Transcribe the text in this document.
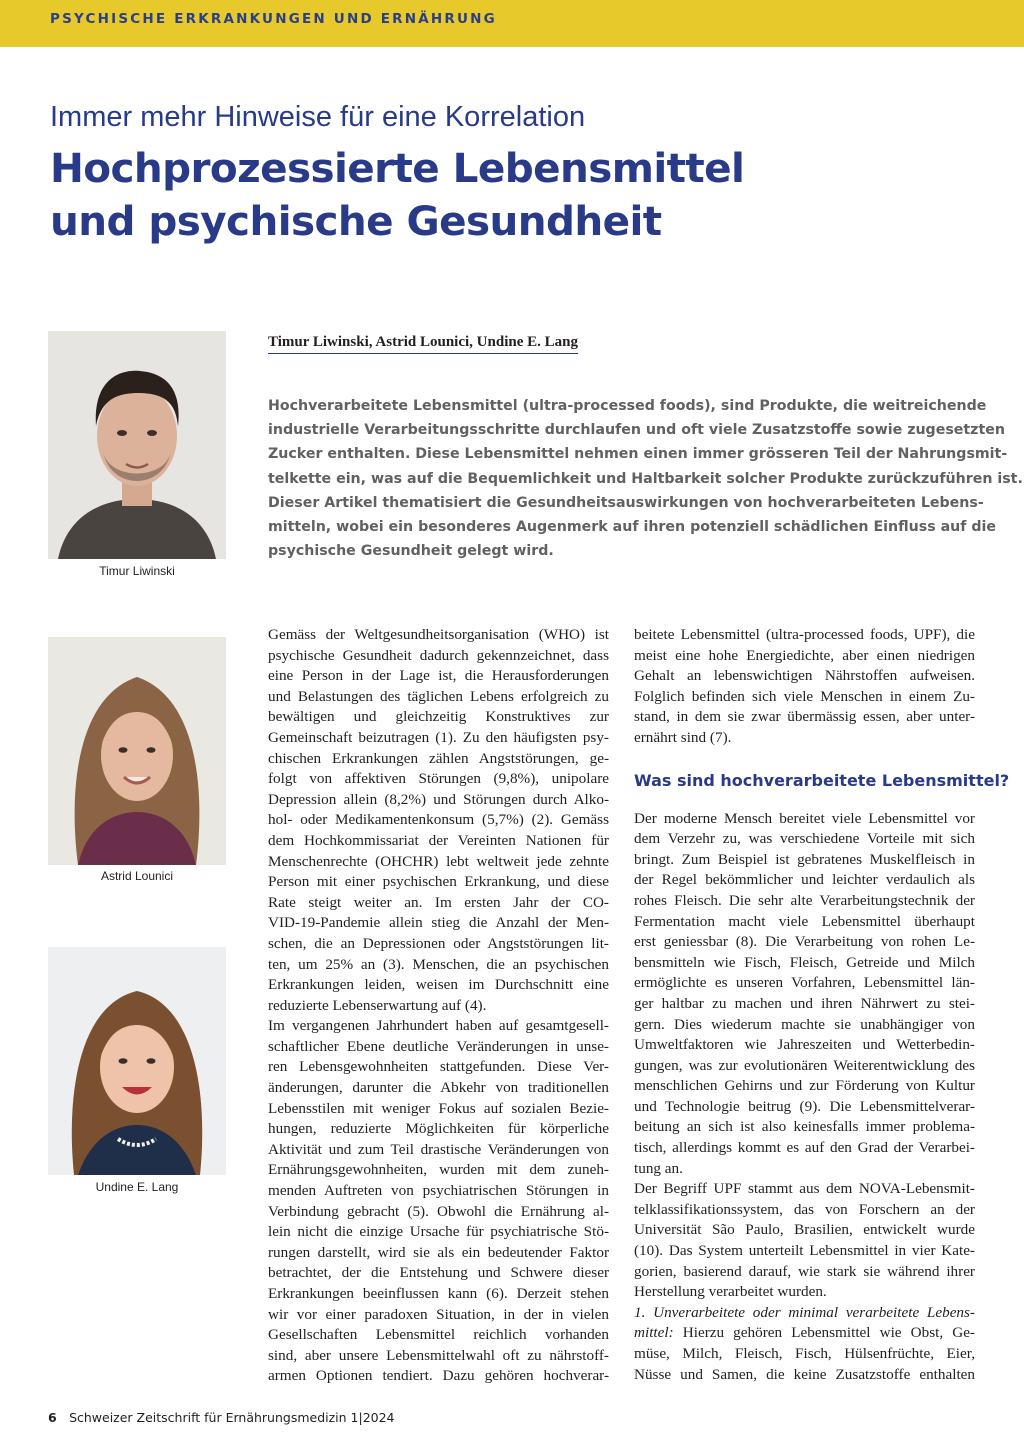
PSYCHISCHE ERKRANKUNGEN UND ERNÄHRUNG
Immer mehr Hinweise für eine Korrelation
Hochprozessierte Lebensmittel
und psychische Gesundheit
Timur Liwinski
Astrid Lounici
Undine E. Lang
Timur Liwinski, Astrid Lounici, Undine E. Lang
Hochverarbeitete Lebensmittel (ultra-processed foods), sind Produkte, die weitreichende
industrielle Verarbeitungsschritte durchlaufen und oft viele Zusatzstoffe sowie zugesetzten
Zucker enthalten. Diese Lebensmittel nehmen einen immer grösseren Teil der Nahrungsmit-
telkette ein, was auf die Bequemlichkeit und Haltbarkeit solcher Produkte zurückzuführen ist.
Dieser Artikel thematisiert die Gesundheitsauswirkungen von hochverarbeiteten Lebens-
mitteln, wobei ein besonderes Augenmerk auf ihren potenziell schädlichen Einfluss auf die
psychische Gesundheit gelegt wird.
Gemäss der Weltgesundheitsorganisation (WHO) ist
psychische Gesundheit dadurch gekennzeichnet, dass
eine Person in der Lage ist, die Herausforderungen
und Belastungen des täglichen Lebens erfolgreich zu
bewältigen und gleichzeitig Konstruktives zur
Gemeinschaft beizutragen (1). Zu den häufigsten psy-
chischen Erkrankungen zählen Angststörungen, ge-
folgt von affektiven Störungen (9,8%), unipolare
Depression allein (8,2%) und Störungen durch Alko-
hol- oder Medikamentenkonsum (5,7%) (2). Gemäss
dem Hochkommissariat der Vereinten Nationen für
Menschenrechte (OHCHR) lebt weltweit jede zehnte
Person mit einer psychischen Erkrankung, und diese
Rate steigt weiter an. Im ersten Jahr der CO-
VID-19-Pandemie allein stieg die Anzahl der Men-
schen, die an Depressionen oder Angststörungen lit-
ten, um 25% an (3). Menschen, die an psychischen
Erkrankungen leiden, weisen im Durchschnitt eine
reduzierte Lebenserwartung auf (4).
Im vergangenen Jahrhundert haben auf gesamtgesell-
schaftlicher Ebene deutliche Veränderungen in unse-
ren Lebensgewohnheiten stattgefunden. Diese Ver-
änderungen, darunter die Abkehr von traditionellen
Lebensstilen mit weniger Fokus auf sozialen Bezie-
hungen, reduzierte Möglichkeiten für körperliche
Aktivität und zum Teil drastische Veränderungen von
Ernährungsgewohnheiten, wurden mit dem zuneh-
menden Auftreten von psychiatrischen Störungen in
Verbindung gebracht (5). Obwohl die Ernährung al-
lein nicht die einzige Ursache für psychiatrische Stö-
rungen darstellt, wird sie als ein bedeutender Faktor
betrachtet, der die Entstehung und Schwere dieser
Erkrankungen beeinflussen kann (6). Derzeit stehen
wir vor einer paradoxen Situation, in der in vielen
Gesellschaften Lebensmittel reichlich vorhanden
sind, aber unsere Lebensmittelwahl oft zu nährstoff-
armen Optionen tendiert. Dazu gehören hochverar-
beitete Lebensmittel (ultra-processed foods, UPF), die
meist eine hohe Energiedichte, aber einen niedrigen
Gehalt an lebenswichtigen Nährstoffen aufweisen.
Folglich befinden sich viele Menschen in einem Zu-
stand, in dem sie zwar übermässig essen, aber unter-
ernährt sind (7).
Was sind hochverarbeitete Lebensmittel?
Der moderne Mensch bereitet viele Lebensmittel vor
dem Verzehr zu, was verschiedene Vorteile mit sich
bringt. Zum Beispiel ist gebratenes Muskelfleisch in
der Regel bekömmlicher und leichter verdaulich als
rohes Fleisch. Die sehr alte Verarbeitungstechnik der
Fermentation macht viele Lebensmittel überhaupt
erst geniessbar (8). Die Verarbeitung von rohen Le-
bensmitteln wie Fisch, Fleisch, Getreide und Milch
ermöglichte es unseren Vorfahren, Lebensmittel län-
ger haltbar zu machen und ihren Nährwert zu stei-
gern. Dies wiederum machte sie unabhängiger von
Umweltfaktoren wie Jahreszeiten und Wetterbedin-
gungen, was zur evolutionären Weiterentwicklung des
menschlichen Gehirns und zur Förderung von Kultur
und Technologie beitrug (9). Die Lebensmittelverar-
beitung an sich ist also keinesfalls immer problema-
tisch, allerdings kommt es auf den Grad der Verarbei-
tung an.
Der Begriff UPF stammt aus dem NOVA-Lebensmit-
telklassifikationssystem, das von Forschern an der
Universität São Paulo, Brasilien, entwickelt wurde
(10). Das System unterteilt Lebensmittel in vier Kate-
gorien, basierend darauf, wie stark sie während ihrer
Herstellung verarbeitet wurden.
1. Unverarbeitete oder minimal verarbeitete Lebens-
mittel: Hierzu gehören Lebensmittel wie Obst, Ge-
müse, Milch, Fleisch, Fisch, Hülsenfrüchte, Eier,
Nüsse und Samen, die keine Zusatzstoffe enthalten
6 Schweizer Zeitschrift für Ernährungsmedizin 1|2024
